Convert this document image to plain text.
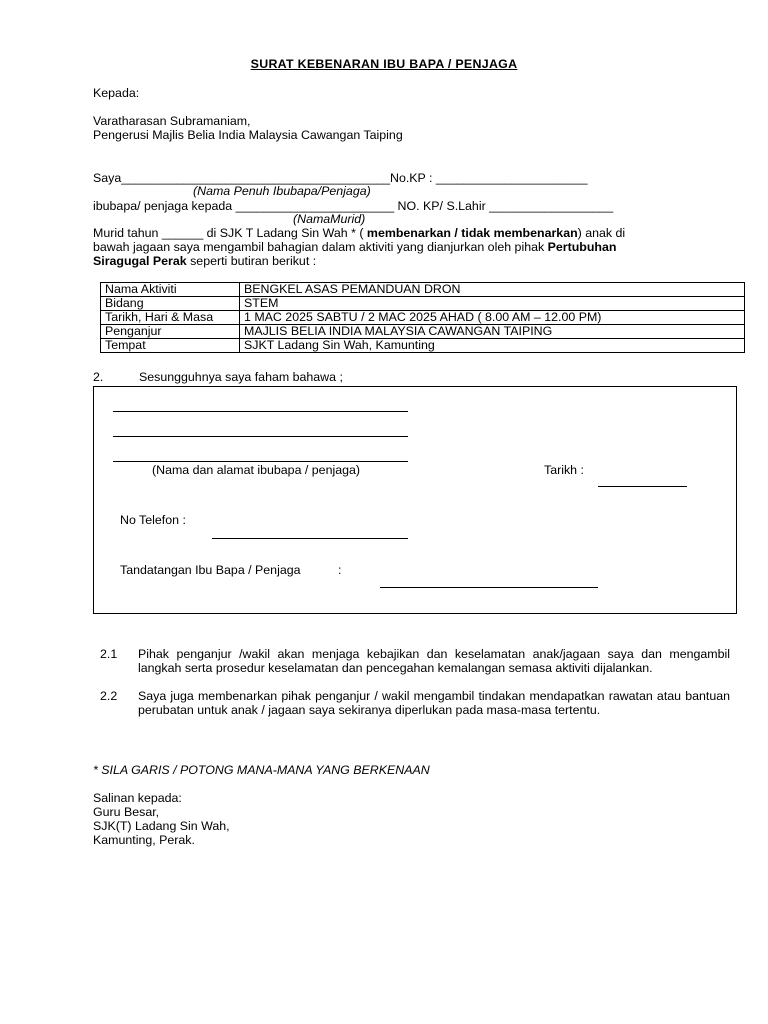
SURAT KEBENARAN IBU BAPA / PENJAGA
Kepada:
Varatharasan Subramaniam,
Pengerusi Majlis Belia India Malaysia Cawangan Taiping
Saya_______________________________________No.KP : ______________________
(Nama Penuh Ibubapa/Penjaga)
ibubapa/ penjaga kepada _______________________ NO. KP/ S.Lahir __________________
(NamaMurid)
Murid tahun ______ di SJK T Ladang Sin Wah * ( membenarkan / tidak membenarkan) anak di
bawah jagaan saya mengambil bahagian dalam aktiviti yang dianjurkan oleh pihak Pertubuhan
Siragugal Perak seperti butiran berikut :
Nama Aktiviti	BENGKEL ASAS PEMANDUAN DRON
Bidang	STEM
Tarikh, Hari & Masa	1 MAC 2025 SABTU / 2 MAC 2025 AHAD ( 8.00 AM – 12.00 PM)
Penganjur	MAJLIS BELIA INDIA MALAYSIA CAWANGAN TAIPING
Tempat	SJKT Ladang Sin Wah, Kamunting
2.	Sesungguhnya saya faham bahawa ;
(Nama dan alamat ibubapa / penjaga)	Tarikh :
No Telefon :
Tandatangan Ibu Bapa / Penjaga	:
2.1 Pihak penganjur /wakil akan menjaga kebajikan dan keselamatan anak/jagaan saya dan mengambil langkah serta prosedur keselamatan dan pencegahan kemalangan semasa aktiviti dijalankan.
2.2 Saya juga membenarkan pihak penganjur / wakil mengambil tindakan mendapatkan rawatan atau bantuan perubatan untuk anak / jagaan saya sekiranya diperlukan pada masa-masa tertentu.
* SILA GARIS / POTONG MANA-MANA YANG BERKENAAN
Salinan kepada:
Guru Besar,
SJK(T) Ladang Sin Wah,
Kamunting, Perak.
